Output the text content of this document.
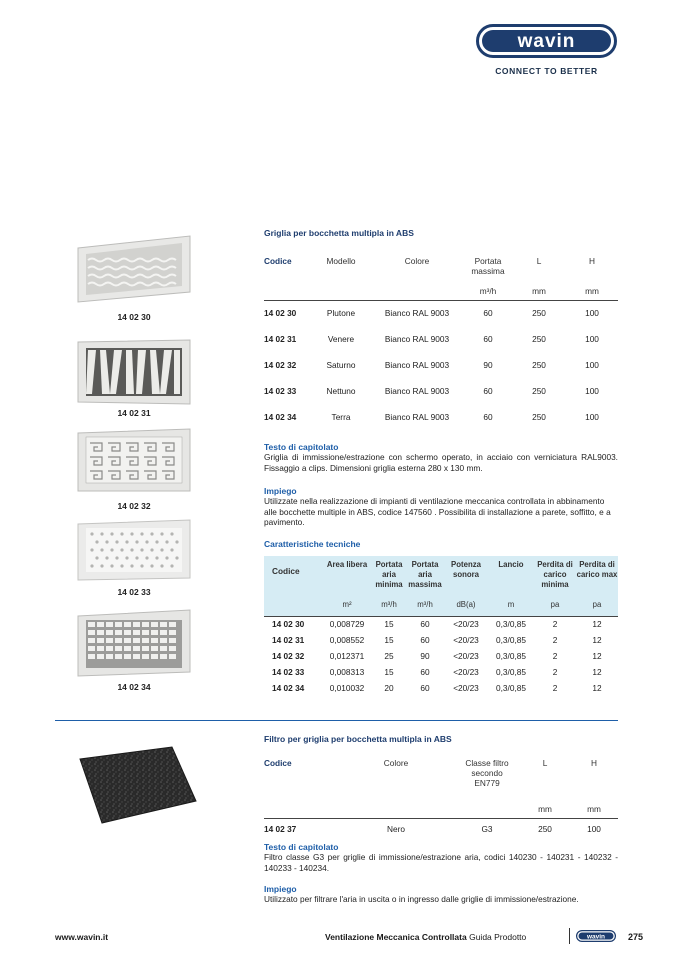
wavin
CONNECT TO BETTER
14 02 30
14 02 31
14 02 32
14 02 33
14 02 34
Griglia per bocchetta multipla in ABS
Codice	Modello	Colore	Portata massima	L	H
			m³/h	mm	mm
14 02 30	Plutone	Bianco RAL 9003	60	250	100
14 02 31	Venere	Bianco RAL 9003	60	250	100
14 02 32	Saturno	Bianco RAL 9003	90	250	100
14 02 33	Nettuno	Bianco RAL 9003	60	250	100
14 02 34	Terra	Bianco RAL 9003	60	250	100
Testo di capitolato
Griglia di immissione/estrazione con schermo operato, in acciaio con verniciatura RAL9003. Fissaggio a clips. Dimensioni griglia esterna 280 x 130 mm.
Impiego
Utilizzate nella realizzazione di impianti di ventilazione meccanica controllata in abbinamento alle bocchette multiple in ABS, codice 147560 . Possibilita di installazione a parete, soffitto, e a pavimento.
Caratteristiche tecniche
Codice	Area libera	Portata aria minima	Portata aria massima	Potenza sonora	Lancio	Perdita di carico minima	Perdita di carico max
	m²	m³/h	m³/h	dB(a)	m	pa	pa
14 02 30	0,008729	15	60	<20/23	0,3/0,85	2	12
14 02 31	0,008552	15	60	<20/23	0,3/0,85	2	12
14 02 32	0,012371	25	90	<20/23	0,3/0,85	2	12
14 02 33	0,008313	15	60	<20/23	0,3/0,85	2	12
14 02 34	0,010032	20	60	<20/23	0,3/0,85	2	12
Filtro per griglia per bocchetta multipla in ABS
Codice	Colore	Classe filtro secondo EN779	L	H
			mm	mm
14 02 37	Nero	G3	250	100
Testo di capitolato
Filtro classe G3 per griglie di immissione/estrazione aria, codici 140230 - 140231 - 140232 - 140233 - 140234.
Impiego
Utilizzato per filtrare l'aria in uscita o in ingresso dalle griglie di immissione/estrazione.
www.wavin.it	Ventilazione Meccanica Controllata Guida Prodotto	wavin	275
